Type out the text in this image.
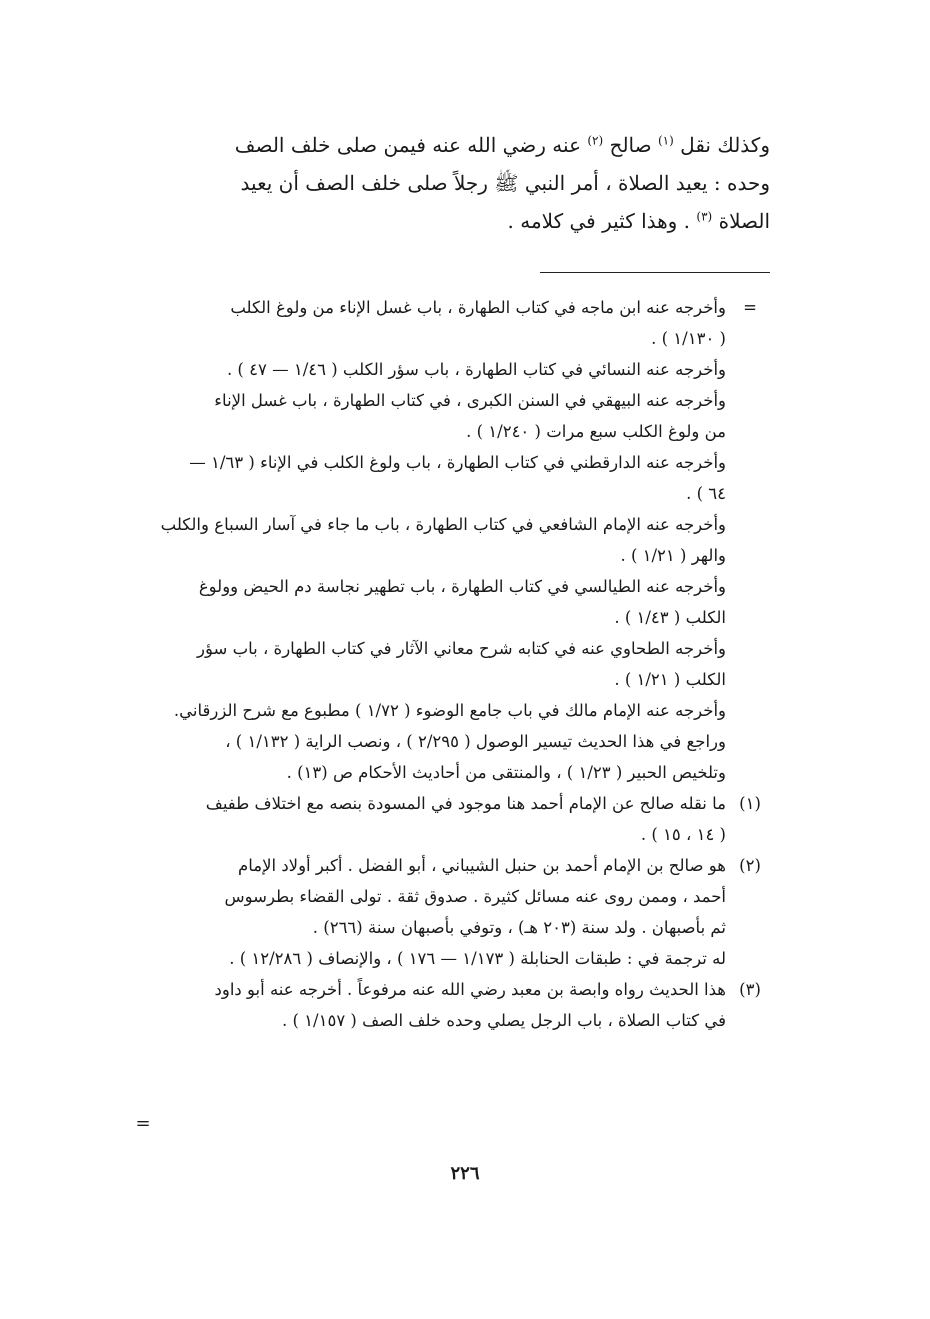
وكذلك نقل $^{(١)}$ صالح $^{(٢)}$ عنه رضي الله عنه فيمن صلى خلف الصف
وحده : يعيد الصلاة ، أمر النبي ﷺ رجلاً صلى خلف الصف أن يعيد
الصلاة $^{(٣)}$ . وهذا كثير في كلامه .
=
وأخرجه عنه ابن ماجه في كتاب الطهارة ، باب غسل الإناء من ولوغ الكلب
( ١/١٣٠ ) .
وأخرجه عنه النسائي في كتاب الطهارة ، باب سؤر الكلب ( ١/٤٦ — ٤٧ ) .
وأخرجه عنه البيهقي في السنن الكبرى ، في كتاب الطهارة ، باب غسل الإناء
من ولوغ الكلب سبع مرات ( ١/٢٤٠ ) .
وأخرجه عنه الدارقطني في كتاب الطهارة ، باب ولوغ الكلب في الإناء ( ١/٦٣ —
٦٤ ) .
وأخرجه عنه الإمام الشافعي في كتاب الطهارة ، باب ما جاء في آسار السباع والكلب
والهر ( ١/٢١ ) .
وأخرجه عنه الطيالسي في كتاب الطهارة ، باب تطهير نجاسة دم الحيض وولوغ
الكلب ( ١/٤٣ ) .
وأخرجه الطحاوي عنه في كتابه شرح معاني الآثار في كتاب الطهارة ، باب سؤر
الكلب ( ١/٢١ ) .
وأخرجه عنه الإمام مالك في باب جامع الوضوء ( ١/٧٢ ) مطبوع مع شرح الزرقاني.
وراجع في هذا الحديث تيسير الوصول ( ٢/٢٩٥ ) ، ونصب الراية ( ١/١٣٢ ) ،
وتلخيص الحبير ( ١/٢٣ ) ، والمنتقى من أحاديث الأحكام ص (١٣) .
(١)
ما نقله صالح عن الإمام أحمد هنا موجود في المسودة بنصه مع اختلاف طفيف
( ١٤ ، ١٥ ) .
(٢)
هو صالح بن الإمام أحمد بن حنبل الشيباني ، أبو الفضل . أكبر أولاد الإمام
أحمد ، وممن روى عنه مسائل كثيرة . صدوق ثقة . تولى القضاء بطرسوس
ثم بأصبهان . ولد سنة (٢٠٣ هـ) ، وتوفي بأصبهان سنة (٢٦٦) .
له ترجمة في : طبقات الحنابلة ( ١/١٧٣ — ١٧٦ ) ، والإنصاف ( ١٢/٢٨٦ ) .
(٣)
هذا الحديث رواه وابصة بن معبد رضي الله عنه مرفوعاً . أخرجه عنه أبو داود
في كتاب الصلاة ، باب الرجل يصلي وحده خلف الصف ( ١/١٥٧ ) .
=
٢٢٦
